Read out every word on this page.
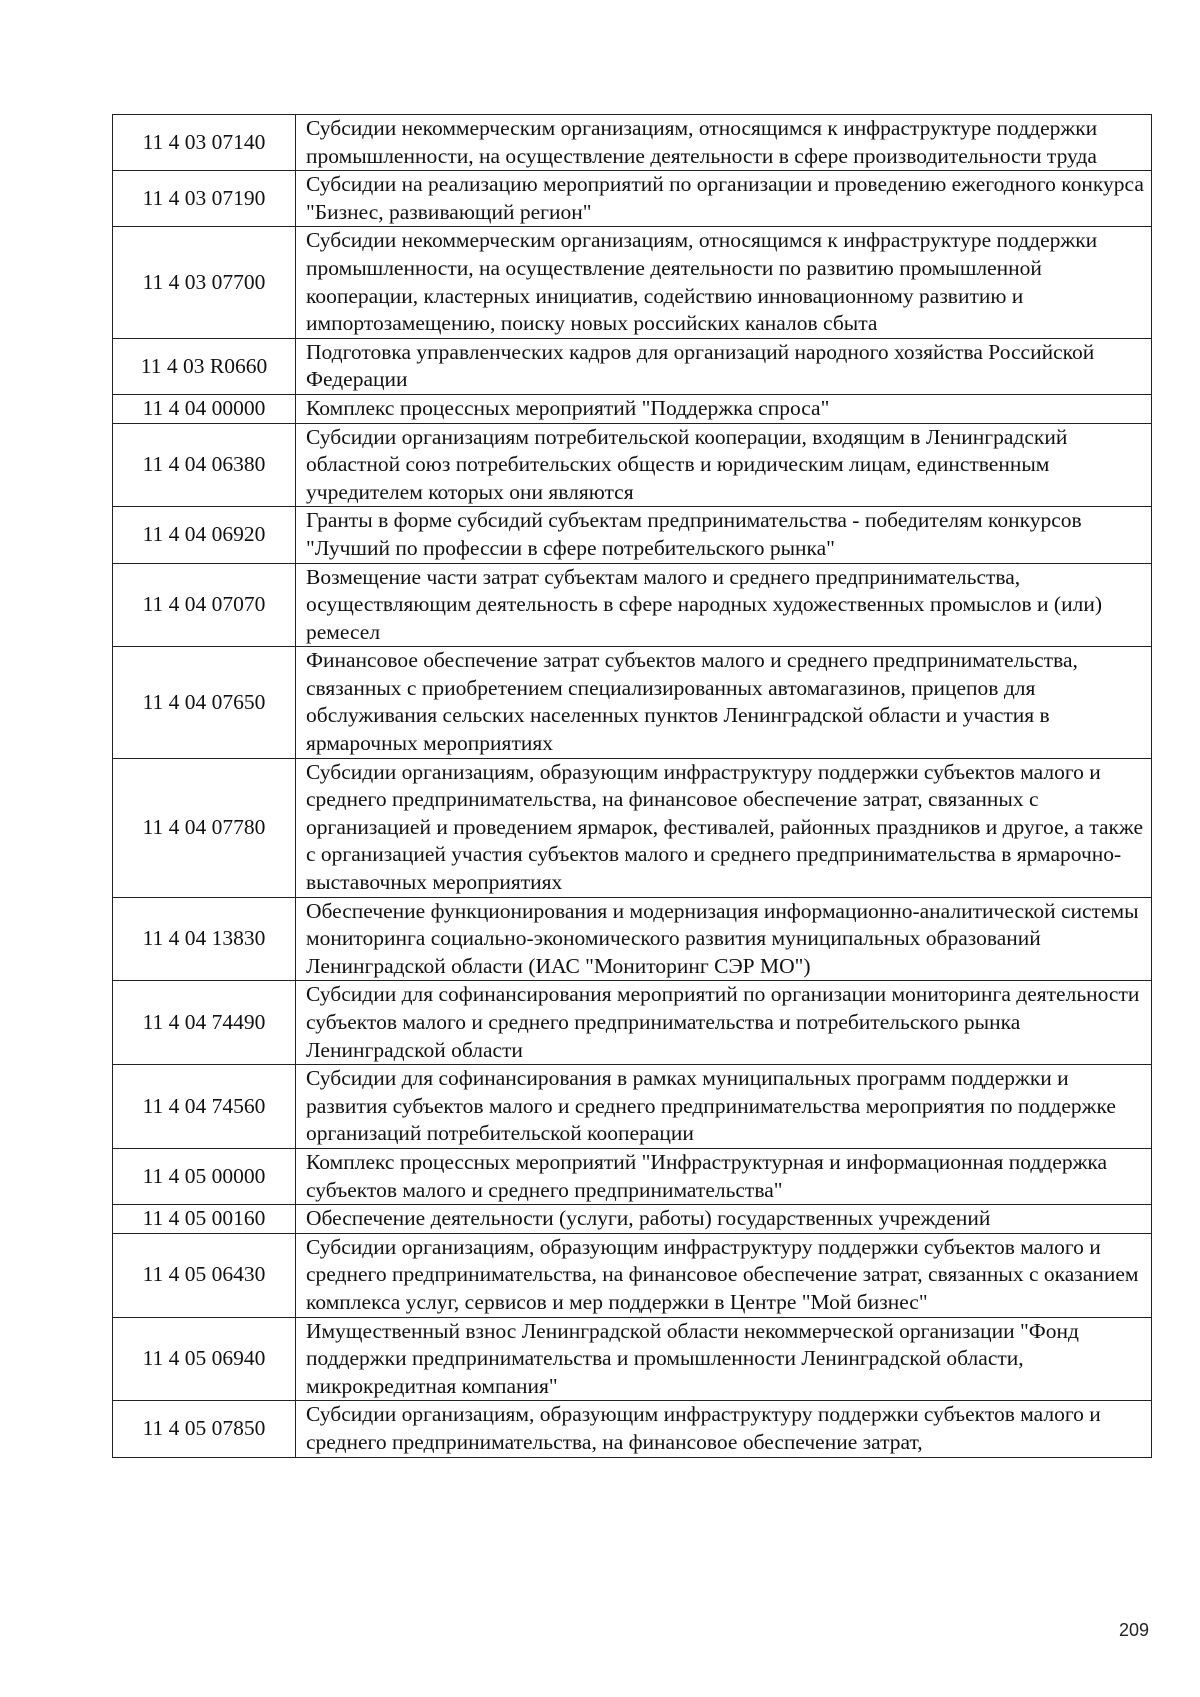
11 4 03 07140	Субсидии некоммерческим организациям, относящимся к инфраструктуре поддержки промышленности, на осуществление деятельности в сфере производительности труда
11 4 03 07190	Субсидии на реализацию мероприятий по организации и проведению ежегодного конкурса "Бизнес, развивающий регион"
11 4 03 07700	Субсидии некоммерческим организациям, относящимся к инфраструктуре поддержки промышленности, на осуществление деятельности по развитию промышленной кооперации, кластерных инициатив, содействию инновационному развитию и импортозамещению, поиску новых российских каналов сбыта
11 4 03 R0660	Подготовка управленческих кадров для организаций народного хозяйства Российской Федерации
11 4 04 00000	Комплекс процессных мероприятий "Поддержка спроса"
11 4 04 06380	Субсидии организациям потребительской кооперации, входящим в Ленинградский областной союз потребительских обществ и юридическим лицам, единственным учредителем которых они являются
11 4 04 06920	Гранты в форме субсидий субъектам предпринимательства - победителям конкурсов "Лучший по профессии в сфере потребительского рынка"
11 4 04 07070	Возмещение части затрат субъектам малого и среднего предпринимательства, осуществляющим деятельность в сфере народных художественных промыслов и (или) ремесел
11 4 04 07650	Финансовое обеспечение затрат субъектов малого и среднего предпринимательства, связанных с приобретением специализированных автомагазинов, прицепов для обслуживания сельских населенных пунктов Ленинградской области и участия в ярмарочных мероприятиях
11 4 04 07780	Субсидии организациям, образующим инфраструктуру поддержки субъектов малого и среднего предпринимательства, на финансовое обеспечение затрат, связанных с организацией и проведением ярмарок, фестивалей, районных праздников и другое, а также с организацией участия субъектов малого и среднего предпринимательства в ярмарочно-выставочных мероприятиях
11 4 04 13830	Обеспечение функционирования и модернизация информационно-аналитической системы мониторинга социально-экономического развития муниципальных образований Ленинградской области (ИАС "Мониторинг СЭР МО")
11 4 04 74490	Субсидии для софинансирования мероприятий по организации мониторинга деятельности субъектов малого и среднего предпринимательства и потребительского рынка Ленинградской области
11 4 04 74560	Субсидии для софинансирования в рамках муниципальных программ поддержки и развития субъектов малого и среднего предпринимательства мероприятия по поддержке организаций потребительской кооперации
11 4 05 00000	Комплекс процессных мероприятий "Инфраструктурная и информационная поддержка субъектов малого и среднего предпринимательства"
11 4 05 00160	Обеспечение деятельности (услуги, работы) государственных учреждений
11 4 05 06430	Субсидии организациям, образующим инфраструктуру поддержки субъектов малого и среднего предпринимательства, на финансовое обеспечение затрат, связанных с оказанием комплекса услуг, сервисов и мер поддержки в Центре "Мой бизнес"
11 4 05 06940	Имущественный взнос Ленинградской области некоммерческой организации "Фонд поддержки предпринимательства и промышленности Ленинградской области, микрокредитная компания"
11 4 05 07850	Субсидии организациям, образующим инфраструктуру поддержки субъектов малого и среднего предпринимательства, на финансовое обеспечение затрат,
209
